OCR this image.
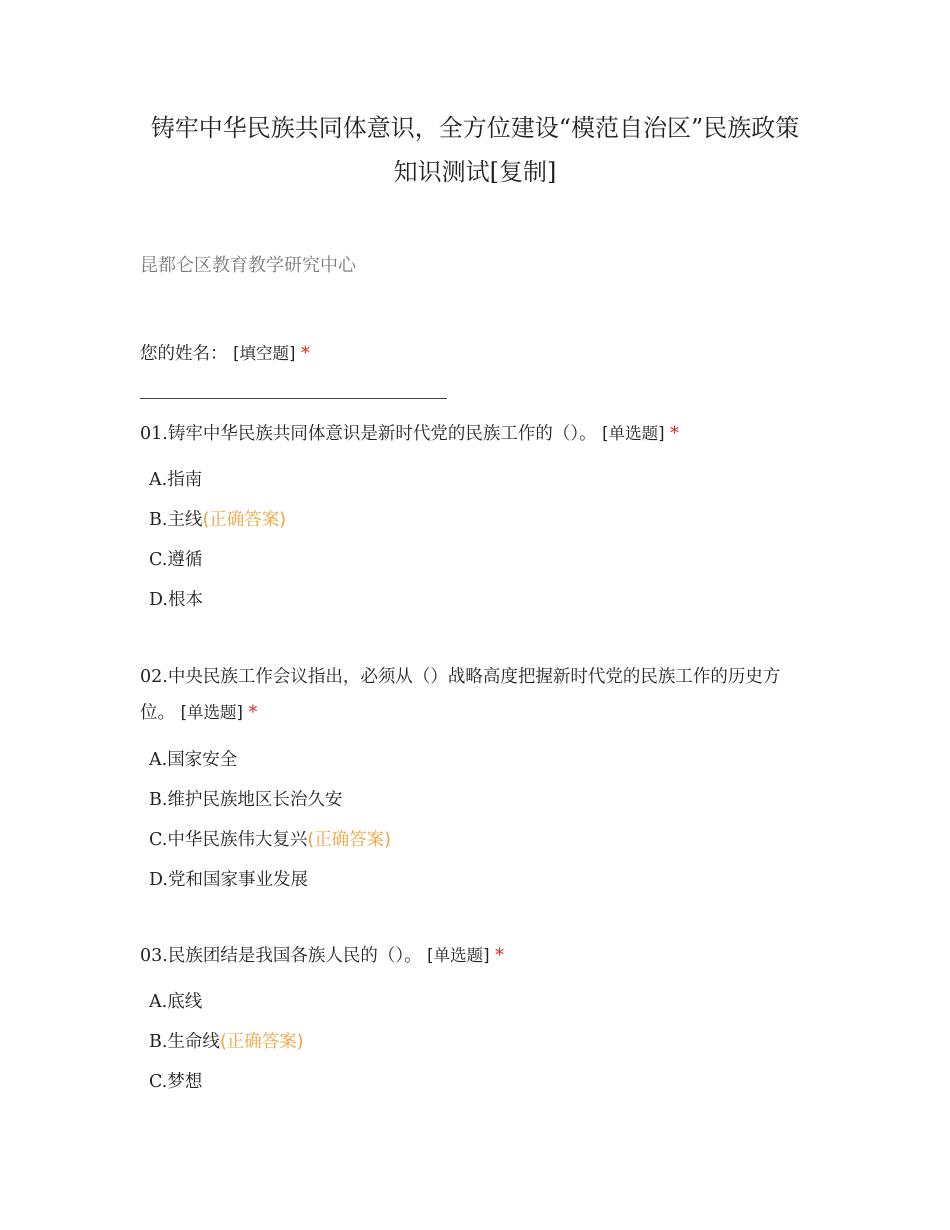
铸牢中华民族共同体意识，全方位建设“模范自治区”民族政策知识测试[复制]
昆都仑区教育教学研究中心
您的姓名： [填空题] *
01.铸牢中华民族共同体意识是新时代党的民族工作的（）。 [单选题] *
A.指南
B.主线(正确答案)
C.遵循
D.根本
02.中央民族工作会议指出，必须从（）战略高度把握新时代党的民族工作的历史方位。 [单选题] *
A.国家安全
B.维护民族地区长治久安
C.中华民族伟大复兴(正确答案)
D.党和国家事业发展
03.民族团结是我国各族人民的（）。 [单选题] *
A.底线
B.生命线(正确答案)
C.梦想
